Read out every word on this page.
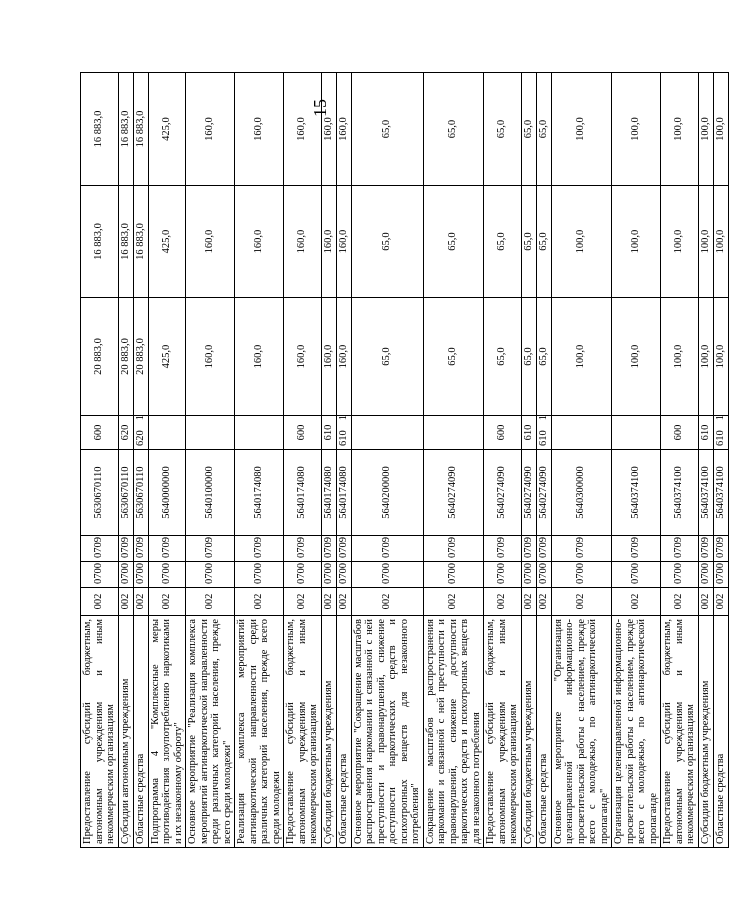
15
Предоставление субсидий бюджетным, автономным учреждениям и иным некоммерческим организациям	002	0700	0709	5630670110	600	20 883,0	16 883,0	16 883,0
Субсидии автономным учреждениям	002	0700	0709	5630670110	620	20 883,0	16 883,0	16 883,0
Областные средства	002	0700	0709	5630670110	6201	20 883,0	16 883,0	16 883,0
Подпрограмма 4 "Комплексные меры противодействия злоупотреблению наркотиками и их незаконному обороту"	002	0700	0709	5640000000		425,0	425,0	425,0
Основное мероприятие "Реализация комплекса мероприятий антинаркотической направленности среди различных категорий населения, прежде всего среди молодежи"	002	0700	0709	5640100000		160,0	160,0	160,0
Реализация комплекса мероприятий антинаркотической направленности среди различных категорий населения, прежде всего среди молодежи	002	0700	0709	5640174080		160,0	160,0	160,0
Предоставление субсидий бюджетным, автономным учреждениям и иным некоммерческим организациям	002	0700	0709	5640174080	600	160,0	160,0	160,0
Субсидии бюджетным учреждениям	002	0700	0709	5640174080	610	160,0	160,0	160,0
Областные средства	002	0700	0709	5640174080	6101	160,0	160,0	160,0
Основное мероприятие "Сокращение масштабов распространения наркомании и связанной с ней преступности и правонарушений, снижение доступности наркотических средств и психотропных веществ для незаконного потребления"	002	0700	0709	5640200000		65,0	65,0	65,0
Сокращение масштабов распространения наркомании и связанной с ней преступности и правонарушений, снижение доступности наркотических средств и психотропных веществ для незаконного потребления	002	0700	0709	5640274090		65,0	65,0	65,0
Предоставление субсидий бюджетным, автономным учреждениям и иным некоммерческим организациям	002	0700	0709	5640274090	600	65,0	65,0	65,0
Субсидии бюджетным учреждениям	002	0700	0709	5640274090	610	65,0	65,0	65,0
Областные средства	002	0700	0709	5640274090	6101	65,0	65,0	65,0
Основное мероприятие "Организация целенаправленной информационно-просветительской работы с населением, прежде всего с молодежью, по антинаркотической пропаганде"	002	0700	0709	5640300000		100,0	100,0	100,0
Организация целенаправленной информационно-просветительской работы с населением, прежде всего с молодежью, по антинаркотической пропаганде	002	0700	0709	5640374100		100,0	100,0	100,0
Предоставление субсидий бюджетным, автономным учреждениям и иным некоммерческим организациям	002	0700	0709	5640374100	600	100,0	100,0	100,0
Субсидии бюджетным учреждениям	002	0700	0709	5640374100	610	100,0	100,0	100,0
Областные средства	002	0700	0709	5640374100	6101	100,0	100,0	100,0
